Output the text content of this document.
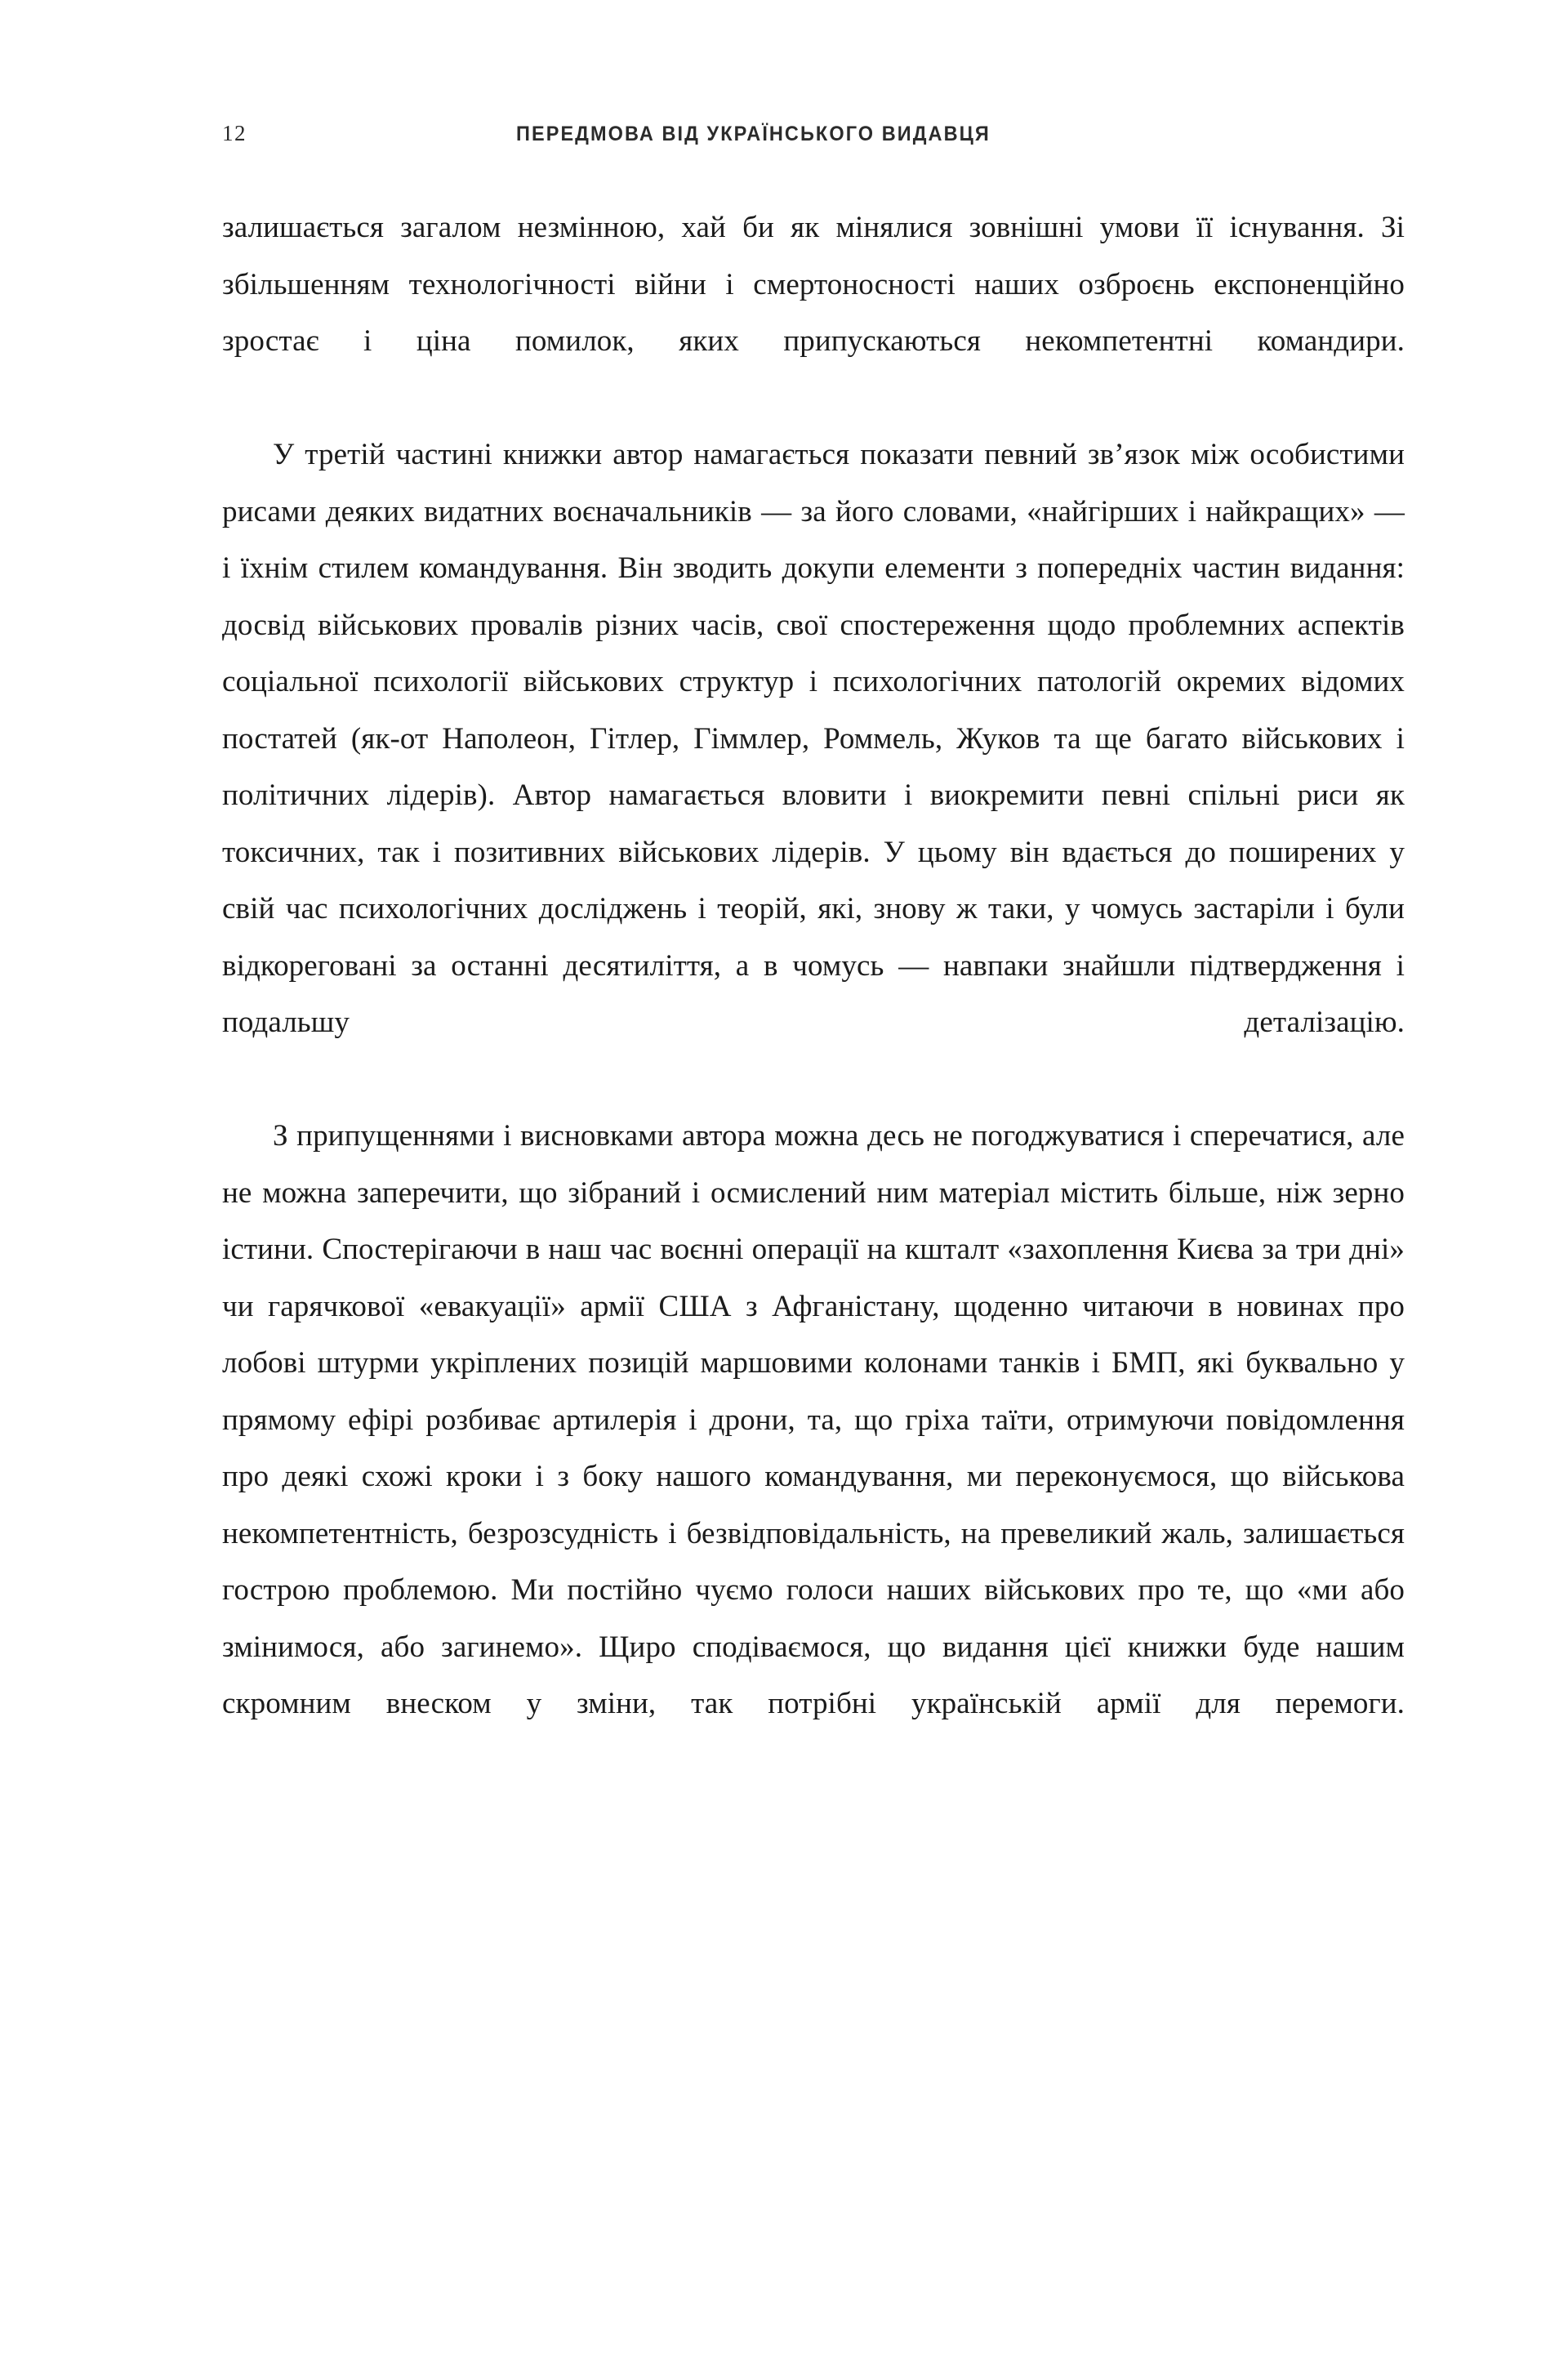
12	ПЕРЕДМОВА ВІД УКРАЇНСЬКОГО ВИДАВЦЯ

залишається загалом незмінною, хай би як мінялися зовнішні умови її існування. Зі збільшенням технологічності війни і смертоносності наших озброєнь експоненційно зростає і ціна помилок, яких припускаються некомпетентні командири.

У третій частині книжки автор намагається показати певний зв’язок між особистими рисами деяких видатних воєначальників — за його словами, «найгірших і найкращих» — і їхнім стилем командування. Він зводить докупи елементи з попередніх частин видання: досвід військових провалів різних часів, свої спостереження щодо проблемних аспектів соціальної психології військових структур і психологічних патологій окремих відомих постатей (як-от Наполеон, Гітлер, Гіммлер, Роммель, Жуков та ще багато військових і політичних лідерів). Автор намагається вловити і виокремити певні спільні риси як токсичних, так і позитивних військових лідерів. У цьому він вдається до поширених у свій час психологічних досліджень і теорій, які, знову ж таки, у чомусь застаріли і були відкореговані за останні десятиліття, а в чомусь — навпаки знайшли підтвердження і подальшу деталізацію.

З припущеннями і висновками автора можна десь не погоджуватися і сперечатися, але не можна заперечити, що зібраний і осмислений ним матеріал містить більше, ніж зерно істини. Спостерігаючи в наш час воєнні операції на кшталт «захоплення Києва за три дні» чи гарячкової «евакуації» армії США з Афганістану, щоденно читаючи в новинах про лобові штурми укріплених позицій маршовими колонами танків і БМП, які буквально у прямому ефірі розбиває артилерія і дрони, та, що гріха таїти, отримуючи повідомлення про деякі схожі кроки і з боку нашого командування, ми переконуємося, що військова некомпетентність, безрозсудність і безвідповідальність, на превеликий жаль, залишається гострою проблемою. Ми постійно чуємо голоси наших військових про те, що «ми або змінимося, або загинемо». Щиро сподіваємося, що видання цієї книжки буде нашим скромним внеском у зміни, так потрібні українській армії для перемоги.
